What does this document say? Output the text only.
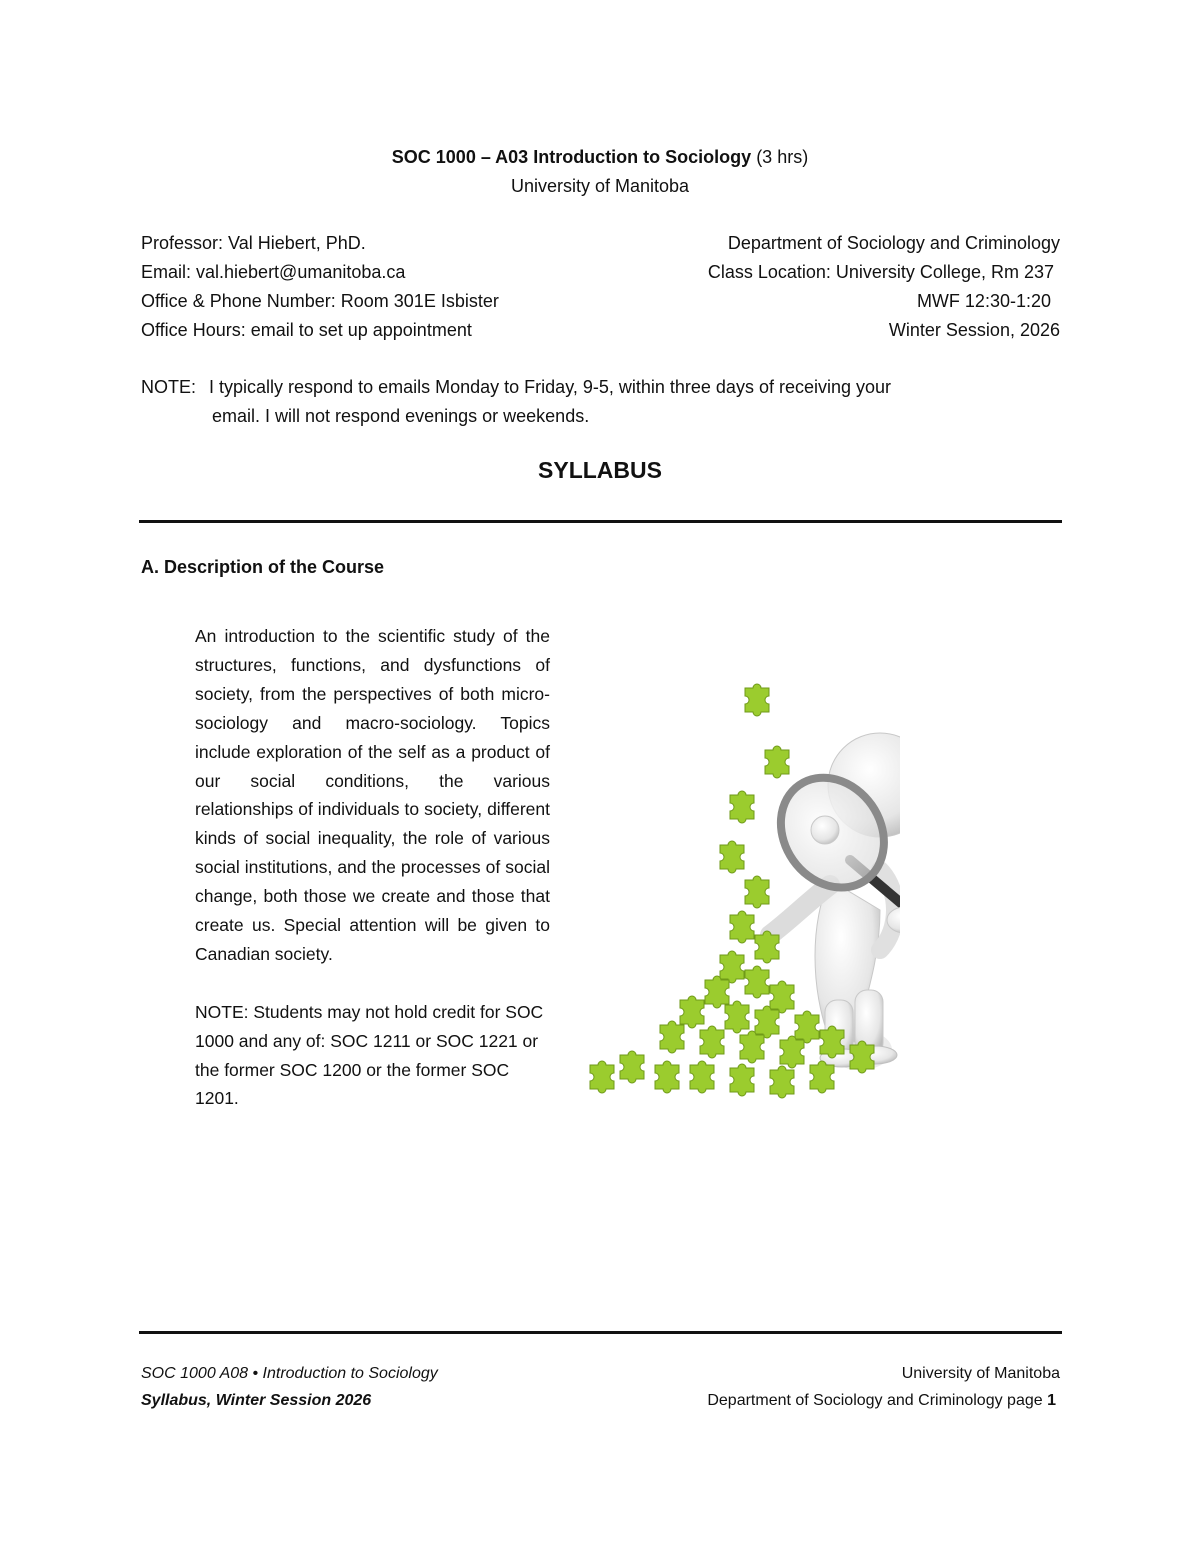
SOC 1000 – A03 Introduction to Sociology (3 hrs)
University of Manitoba
Professor: Val Hiebert, PhD.
Email: val.hiebert@umanitoba.ca
Office & Phone Number: Room 301E Isbister
Office Hours: email to set up appointment
Department of Sociology and Criminology
Class Location: University College, Rm 237
MWF 12:30-1:20
Winter Session, 2026
NOTE: I typically respond to emails Monday to Friday, 9-5, within three days of receiving your
email. I will not respond evenings or weekends.
SYLLABUS
A. Description of the Course

An introduction to the scientific study of the structures, functions, and dysfunctions of society, from the perspectives of both micro-sociology and macro-sociology. Topics include exploration of the self as a product of our social conditions, the various relationships of individuals to society, different kinds of social inequality, the role of various social institutions, and the processes of social change, both those we create and those that create us. Special attention will be given to Canadian society.

NOTE: Students may not hold credit for SOC 1000 and any of: SOC 1211 or SOC 1221 or the former SOC 1200 or the former SOC 1201.

SOC 1000 A08 • Introduction to Sociology
Syllabus, Winter Session 2026
University of Manitoba
Department of Sociology and Criminology page 1
